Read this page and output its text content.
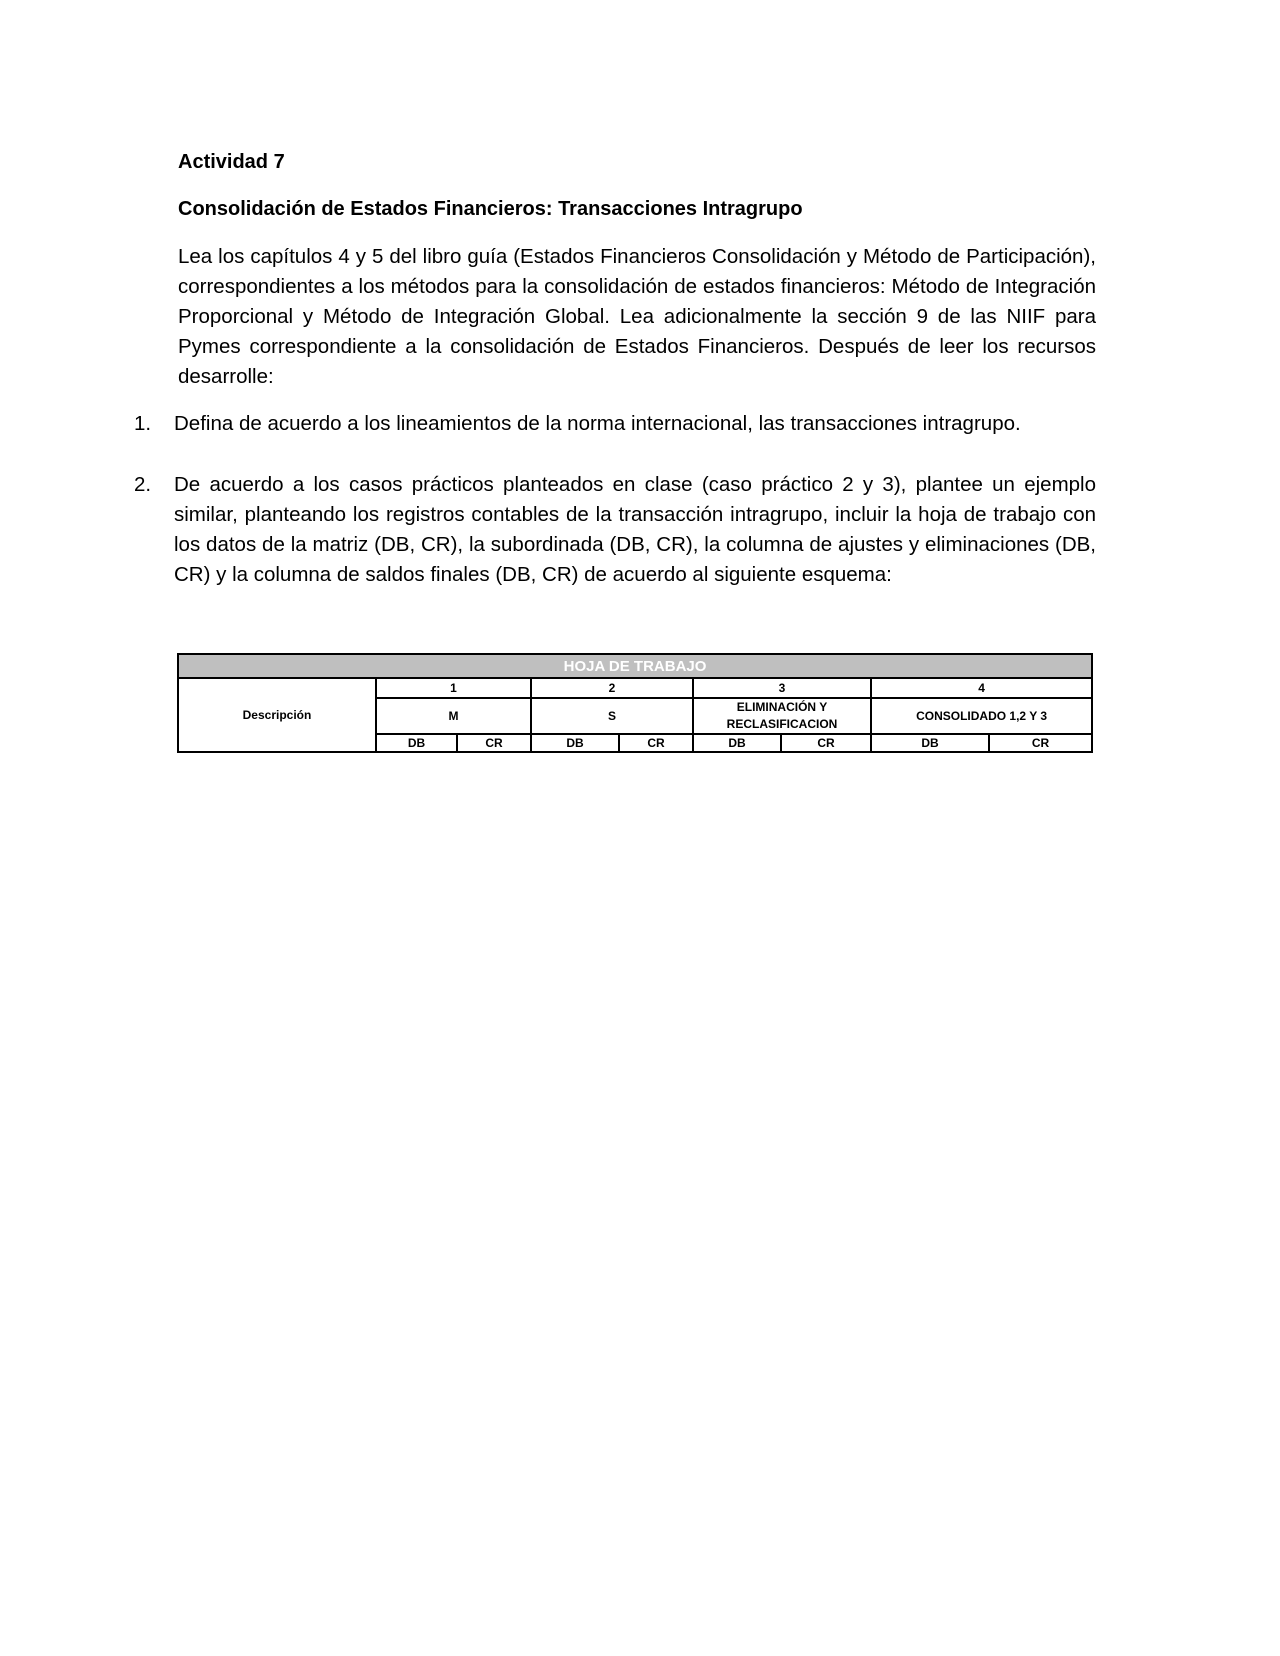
Actividad 7
Consolidación de Estados Financieros: Transacciones Intragrupo

Lea los capítulos 4 y 5 del libro guía (Estados Financieros Consolidación y Método de Participación), correspondientes a los métodos para la consolidación de estados financieros: Método de Integración Proporcional y Método de Integración Global. Lea adicionalmente la sección 9 de las NIIF para Pymes correspondiente a la consolidación de Estados Financieros. Después de leer los recursos desarrolle:

1.	Defina de acuerdo a los lineamientos de la norma internacional, las transacciones intragrupo.
2.	De acuerdo a los casos prácticos planteados en clase (caso práctico 2 y 3), plantee un ejemplo similar, planteando los registros contables de la transacción intragrupo, incluir la hoja de trabajo con los datos de la matriz (DB, CR), la subordinada (DB, CR), la columna de ajustes y eliminaciones (DB, CR) y la columna de saldos finales (DB, CR) de acuerdo al siguiente esquema:
HOJA DE TRABAJO								
Descripción	1		2		3		4	
	M		S		ELIMINACIÓN Y RECLASIFICACION		CONSOLIDADO 1,2 Y 3	
	DB	CR	DB	CR	DB	CR	DB	CR
